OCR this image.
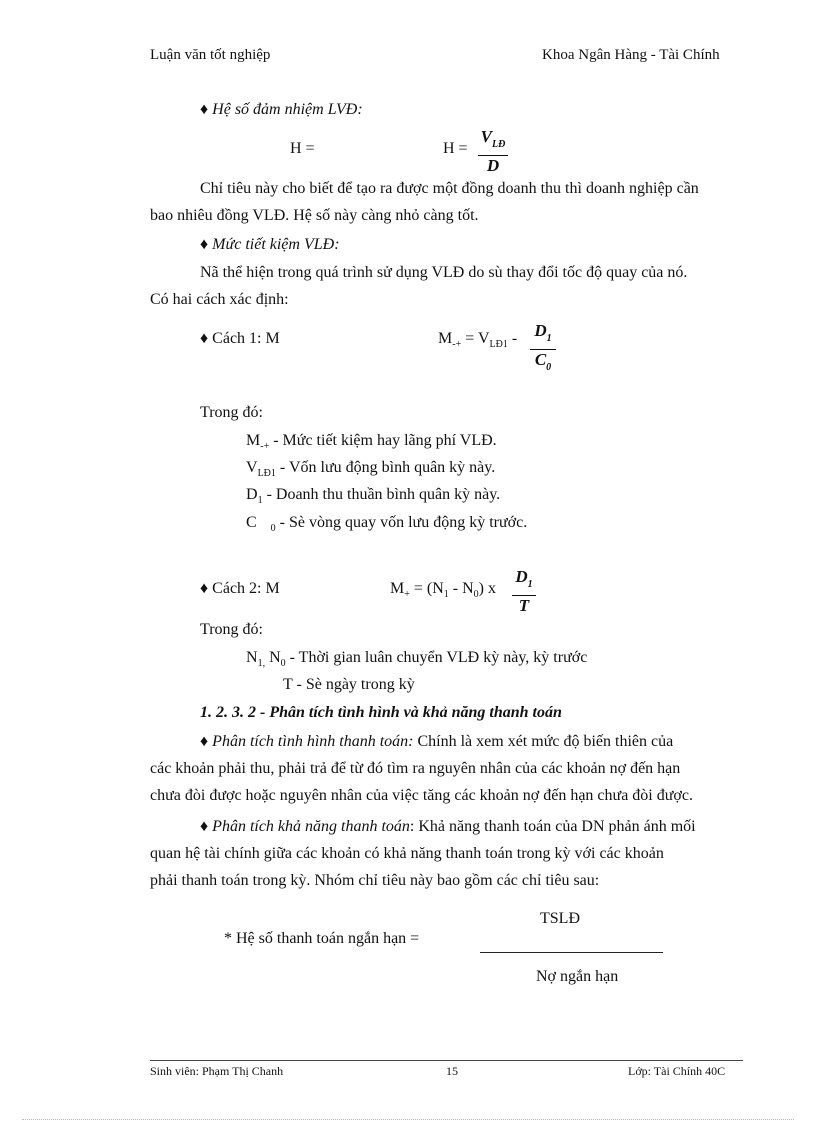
Luận văn tốt nghiệp	Khoa Ngân Hàng - Tài Chính
♦ Hệ số đảm nhiệm LVĐ:
H =	H =
$V_{LĐ}$
D
Chỉ tiêu này cho biết để tạo ra được một đồng doanh thu thì doanh nghiệp cần
bao nhiêu đồng VLĐ. Hệ số này càng nhỏ càng tốt.
♦ Mức tiết kiệm VLĐ:
Nã thể hiện trong quá trình sử dụng VLĐ do sù thay đổi tốc độ quay của nó.
Có hai cách xác định:
♦ Cách 1: M	$M_{-+} = V_{LĐ1} - D_1$
$C_0$
Trong đó:
$M_{-+}$ - Mức tiết kiệm hay lãng phí VLĐ.
$V_{LĐ1}$ - Vốn lưu động bình quân kỳ này.
$D_1$ - Doanh thu thuần bình quân kỳ này.
C $_0$ - Sè vòng quay vốn lưu động kỳ trước.
♦ Cách 2: M	$M_+ = (N_1 - N_0)$ x
$D_1$
T
Trong đó:
$N_{1,}$ $N_0$ - Thời gian luân chuyển VLĐ kỳ này, kỳ trước
T - Sè ngày trong kỳ
1. 2. 3. 2 - Phân tích tình hình và khả năng thanh toán
♦ Phân tích tình hình thanh toán: Chính là xem xét mức độ biến thiên của
các khoản phải thu, phải trả để từ đó tìm ra nguyên nhân của các khoản nợ đến hạn
chưa đòi được hoặc nguyên nhân của việc tăng các khoản nợ đến hạn chưa đòi được.
♦ Phân tích khả năng thanh toán: Khả năng thanh toán của DN phản ánh mối
quan hệ tài chính giữa các khoản có khả năng thanh toán trong kỳ với các khoản
phải thanh toán trong kỳ. Nhóm chỉ tiêu này bao gồm các chỉ tiêu sau:
TSLĐ
* Hệ số thanh toán ngắn hạn =
Nợ ngắn hạn
Sinh viên: Phạm Thị Chanh	15	Lớp: Tài Chính 40C
